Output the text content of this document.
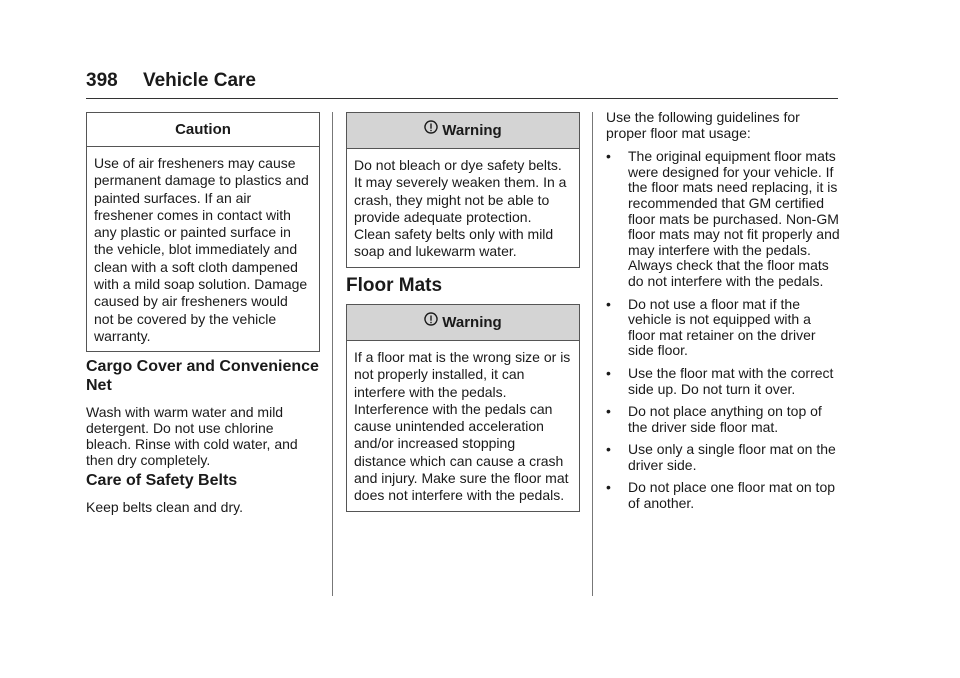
398 Vehicle Care
Caution

Use of air fresheners may cause permanent damage to plastics and painted surfaces. If an air freshener comes in contact with any plastic or painted surface in the vehicle, blot immediately and clean with a soft cloth dampened with a mild soap solution. Damage caused by air fresheners would not be covered by the vehicle warranty.

Cargo Cover and Convenience Net

Wash with warm water and mild detergent. Do not use chlorine bleach. Rinse with cold water, and then dry completely.

Care of Safety Belts

Keep belts clean and dry.

Warning

Do not bleach or dye safety belts. It may severely weaken them. In a crash, they might not be able to provide adequate protection. Clean safety belts only with mild soap and lukewarm water.

Floor Mats

Warning

If a floor mat is the wrong size or is not properly installed, it can interfere with the pedals. Interference with the pedals can cause unintended acceleration and/or increased stopping distance which can cause a crash and injury. Make sure the floor mat does not interfere with the pedals.

Use the following guidelines for proper floor mat usage:

• The original equipment floor mats were designed for your vehicle. If the floor mats need replacing, it is recommended that GM certified floor mats be purchased. Non-GM floor mats may not fit properly and may interfere with the pedals. Always check that the floor mats do not interfere with the pedals.
• Do not use a floor mat if the vehicle is not equipped with a floor mat retainer on the driver side floor.
• Use the floor mat with the correct side up. Do not turn it over.
• Do not place anything on top of the driver side floor mat.
• Use only a single floor mat on the driver side.
• Do not place one floor mat on top of another.
